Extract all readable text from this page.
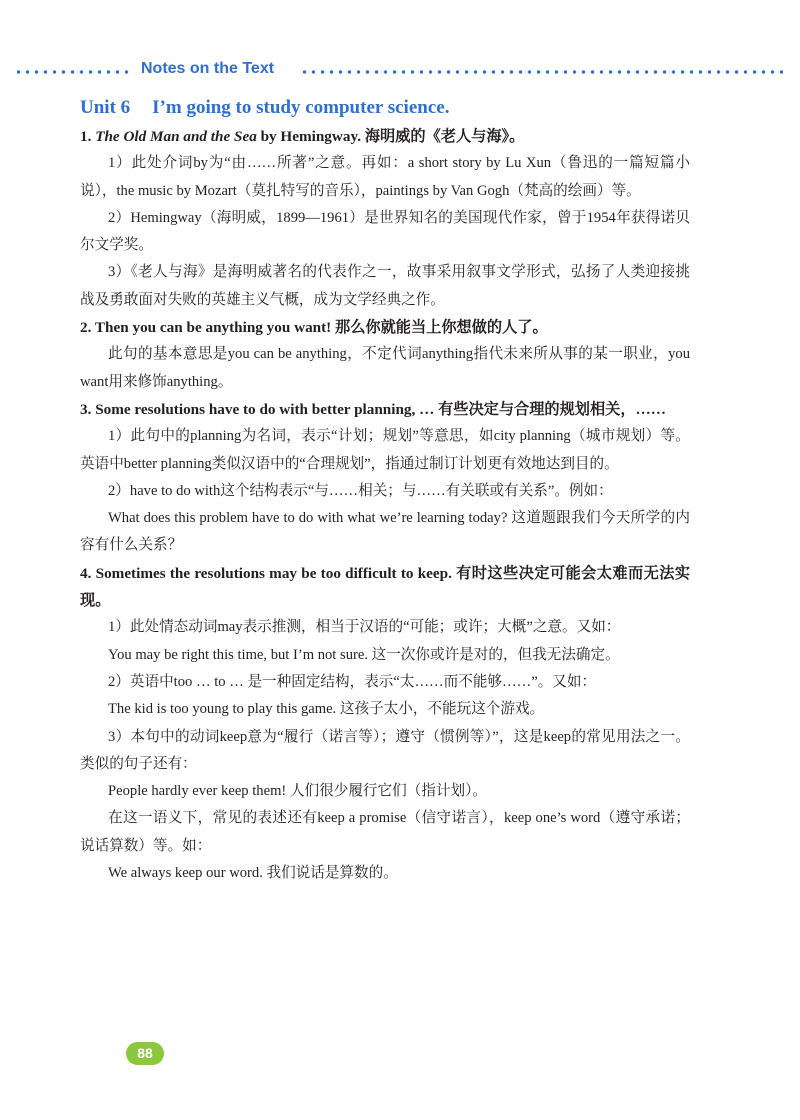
Notes on the Text
Unit 6 I’m going to study computer science.

1. The Old Man and the Sea by Hemingway. 海明威的《老人与海》。

1）此处介词by为“由……所著”之意。再如：a short story by Lu Xun（鲁迅的一篇短篇小说），the music by Mozart（莫扎特写的音乐），paintings by Van Gogh（梵高的绘画）等。

2）Hemingway（海明威，1899—1961）是世界知名的美国现代作家，曾于1954年获得诺贝尔文学奖。

3）《老人与海》是海明威著名的代表作之一，故事采用叙事文学形式，弘扬了人类迎接挑战及勇敢面对失败的英雄主义气概，成为文学经典之作。

2. Then you can be anything you want! 那么你就能当上你想做的人了。

此句的基本意思是you can be anything，不定代词anything指代未来所从事的某一职业，you want用来修饰anything。

3. Some resolutions have to do with better planning, … 有些决定与合理的规划相关，……

1）此句中的planning为名词，表示“计划；规划”等意思，如city planning（城市规划）等。英语中better planning类似汉语中的“合理规划”，指通过制订计划更有效地达到目的。

2）have to do with这个结构表示“与……相关；与……有关联或有关系”。例如：

What does this problem have to do with what we’re learning today? 这道题跟我们今天所学的内容有什么关系？

4. Sometimes the resolutions may be too difficult to keep. 有时这些决定可能会太难而无法实现。

1）此处情态动词may表示推测，相当于汉语的“可能；或许；大概”之意。又如：

You may be right this time, but I’m not sure. 这一次你或许是对的，但我无法确定。

2）英语中too … to … 是一种固定结构，表示“太……而不能够……”。又如：

The kid is too young to play this game. 这孩子太小，不能玩这个游戏。

3）本句中的动词keep意为“履行（诺言等）；遵守（惯例等）”，这是keep的常见用法之一。类似的句子还有：

People hardly ever keep them! 人们很少履行它们（指计划）。

在这一语义下，常见的表述还有keep a promise（信守诺言），keep one’s word（遵守承诺；说话算数）等。如：

We always keep our word. 我们说话是算数的。

88
